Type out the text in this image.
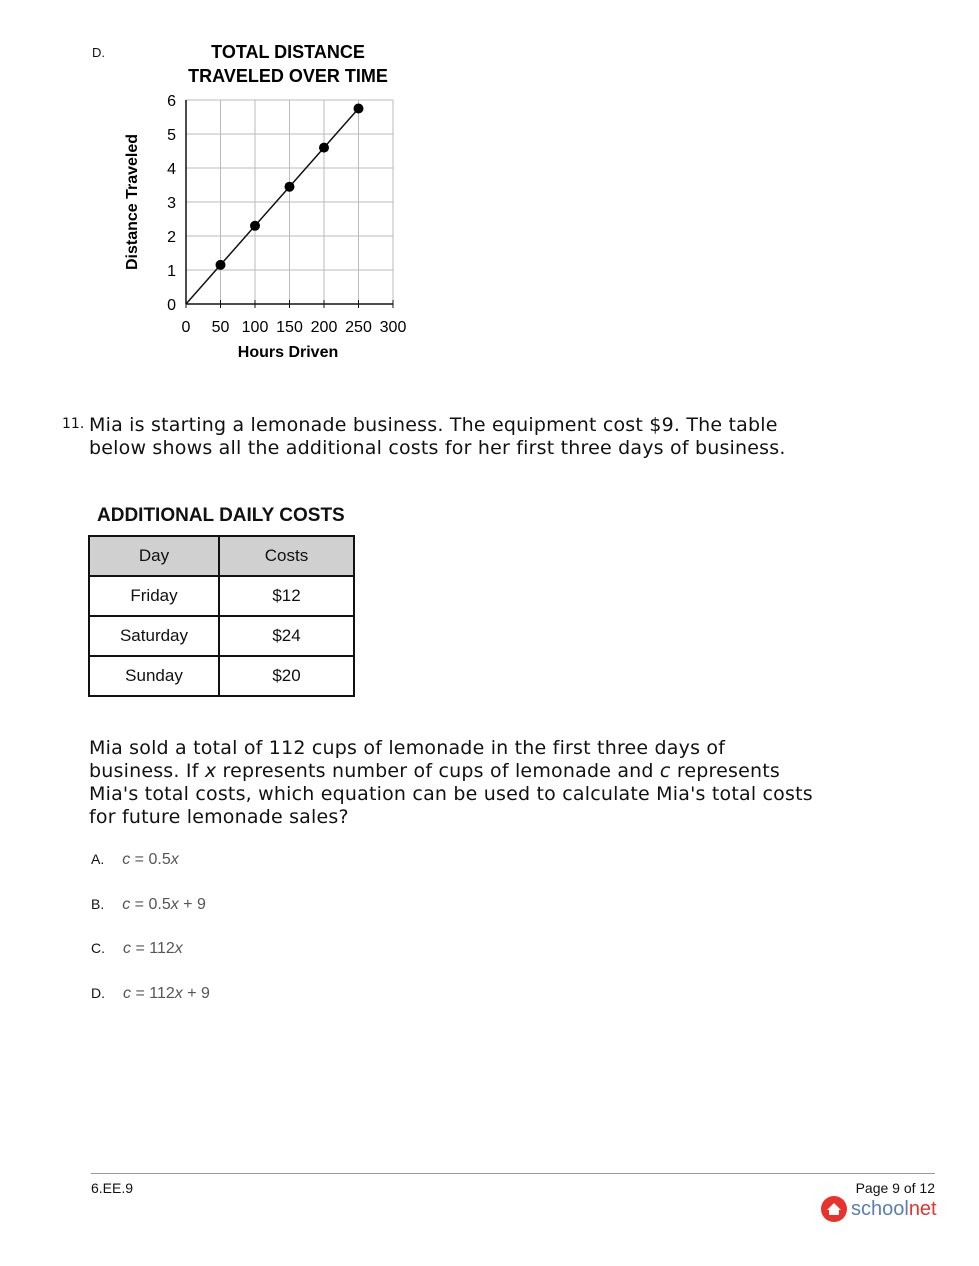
D.	TOTAL DISTANCE
TRAVELED OVER TIME
0 50 100 150 200 250 300
0
1
2
3
4
5
6
Hours Driven
Distance Traveled
11. Mia is starting a lemonade business. The equipment cost $9. The table below shows all the additional costs for her first three days of business.
ADDITIONAL DAILY COSTS
Day	Costs
Friday	$12
Saturday	$24
Sunday	$20
Mia sold a total of 112 cups of lemonade in the first three days of business. If x represents number of cups of lemonade and c represents Mia's total costs, which equation can be used to calculate Mia's total costs for future lemonade sales?
A. c = 0.5x
B. c = 0.5x + 9
C. c = 112x
D. c = 112x + 9
6.EE.9	Page 9 of 12
school net
